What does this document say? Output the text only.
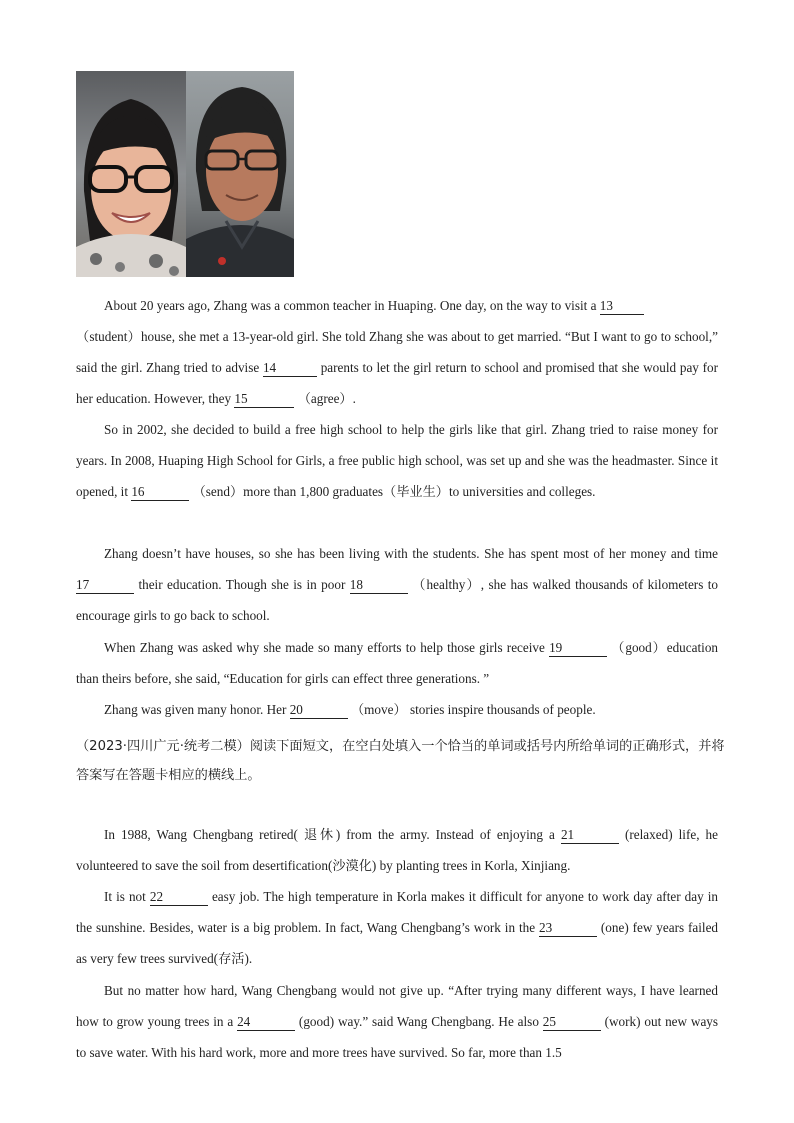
About 20 years ago, Zhang was a common teacher in Huaping. One day, on the way to visit a 13
（student）house, she met a 13-year-old girl. She told Zhang she was about to get married. “But I want to go to school,” said the girl. Zhang tried to advise 14	parents to let the girl return to school and promised that she would pay for her education. However, they 15	（agree）.

So in 2002, she decided to build a free high school to help the girls like that girl. Zhang tried to raise money for years. In 2008, Huaping High School for Girls, a free public high school, was set up and she was the headmaster. Since it opened, it 16	（send）more than 1,800 graduates（毕业生）to universities and colleges.

Zhang doesn’t have houses, so she has been living with the students. She has spent most of her money and time 17	their education. Though she is in poor 18	（healthy）, she has walked thousands of kilometers to encourage girls to go back to school.

When Zhang was asked why she made so many efforts to help those girls receive 19	（good）education than theirs before, she said, “Education for girls can effect three generations. ”

Zhang was given many honor. Her 20	（move） stories inspire thousands of people.

（2023·四川广元·统考二模）阅读下面短文，在空白处填入一个恰当的单词或括号内所给单词的正确形式，并将答案写在答题卡相应的横线上。

In 1988, Wang Chengbang retired( 退休) from the army. Instead of enjoying a 21	(relaxed) life, he volunteered to save the soil from desertification(沙漠化) by planting trees in Korla, Xinjiang.

It is not 22	easy job. The high temperature in Korla makes it difficult for anyone to work day after day in the sunshine. Besides, water is a big problem. In fact, Wang Chengbang’s work in the 23	(one) few years failed as very few trees survived(存活).

But no matter how hard, Wang Chengbang would not give up. “After trying many different ways, I have learned how to grow young trees in a 24	(good) way.” said Wang Chengbang. He also 25	(work) out new ways to save water. With his hard work, more and more trees have survived. So far, more than 1.5
